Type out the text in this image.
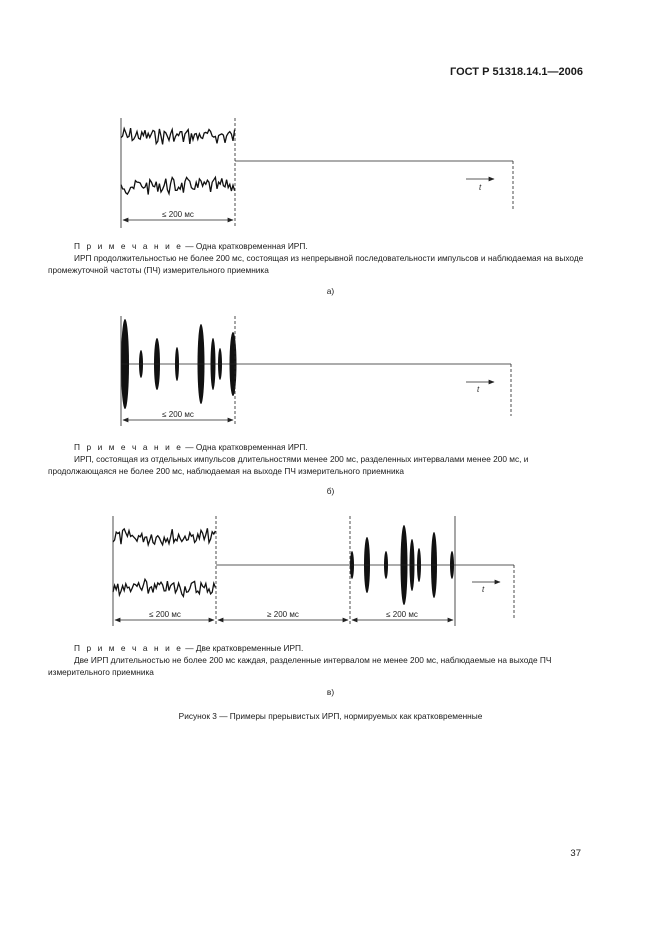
ГОСТ Р 51318.14.1—2006
≤ 200 мс
t
П р и м е ч а н и е — Одна кратковременная ИРП.
ИРП продолжительностью не более 200 мс, состоящая из непрерывной последовательности импульсов и наблюдаемая на выходе промежуточной частоты (ПЧ) измерительного приемника
а)
≤ 200 мс
t
П р и м е ч а н и е — Одна кратковременная ИРП.
ИРП, состоящая из отдельных импульсов длительностями менее 200 мс, разделенных интервалами менее 200 мс, и продолжающаяся не более 200 мс, наблюдаемая на выходе ПЧ измерительного приемника
б)
≤ 200 мс	≥ 200 мс	≤ 200 мс
t
П р и м е ч а н и е — Две кратковременные ИРП.
Две ИРП длительностью не более 200 мс каждая, разделенные интервалом не менее 200 мс, наблюдаемые на выходе ПЧ измерительного приемника
в)
Рисунок 3 — Примеры прерывистых ИРП, нормируемых как кратковременные
37
